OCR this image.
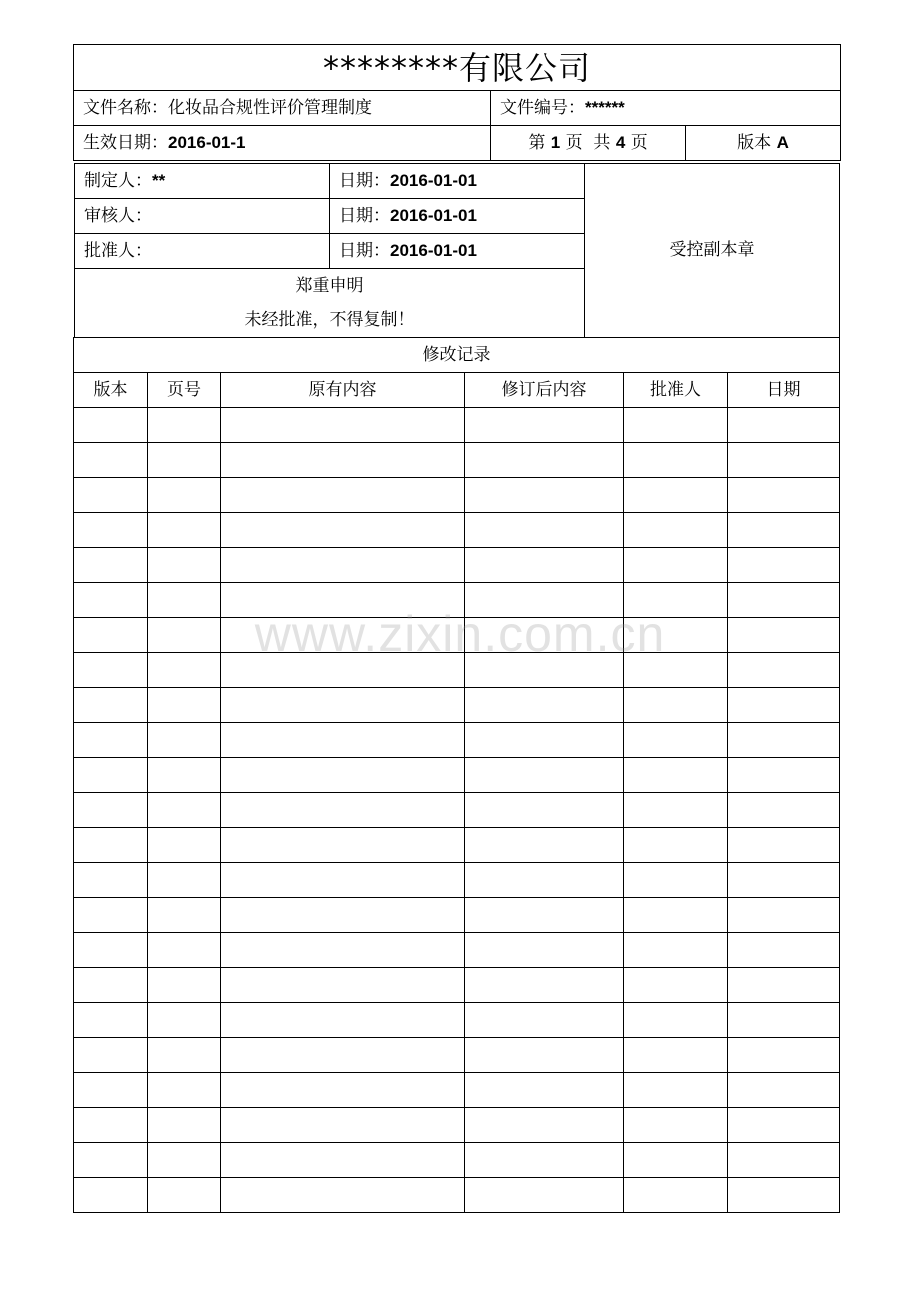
********有限公司		
文件名称：化妆品合规性评价管理制度	文件编号：******	
生效日期：2016-01-1	第 1 页  共 4 页	版本 A
制定人：**	日期：2016-01-01	受控副本章
审核人：	日期：2016-01-01	
批准人：	日期：2016-01-01	
郑重申明		
未经批准，不得复制！		
修改记录					
版本	页号	原有内容	修订后内容	批准人	日期

www.zixin.com.cn
